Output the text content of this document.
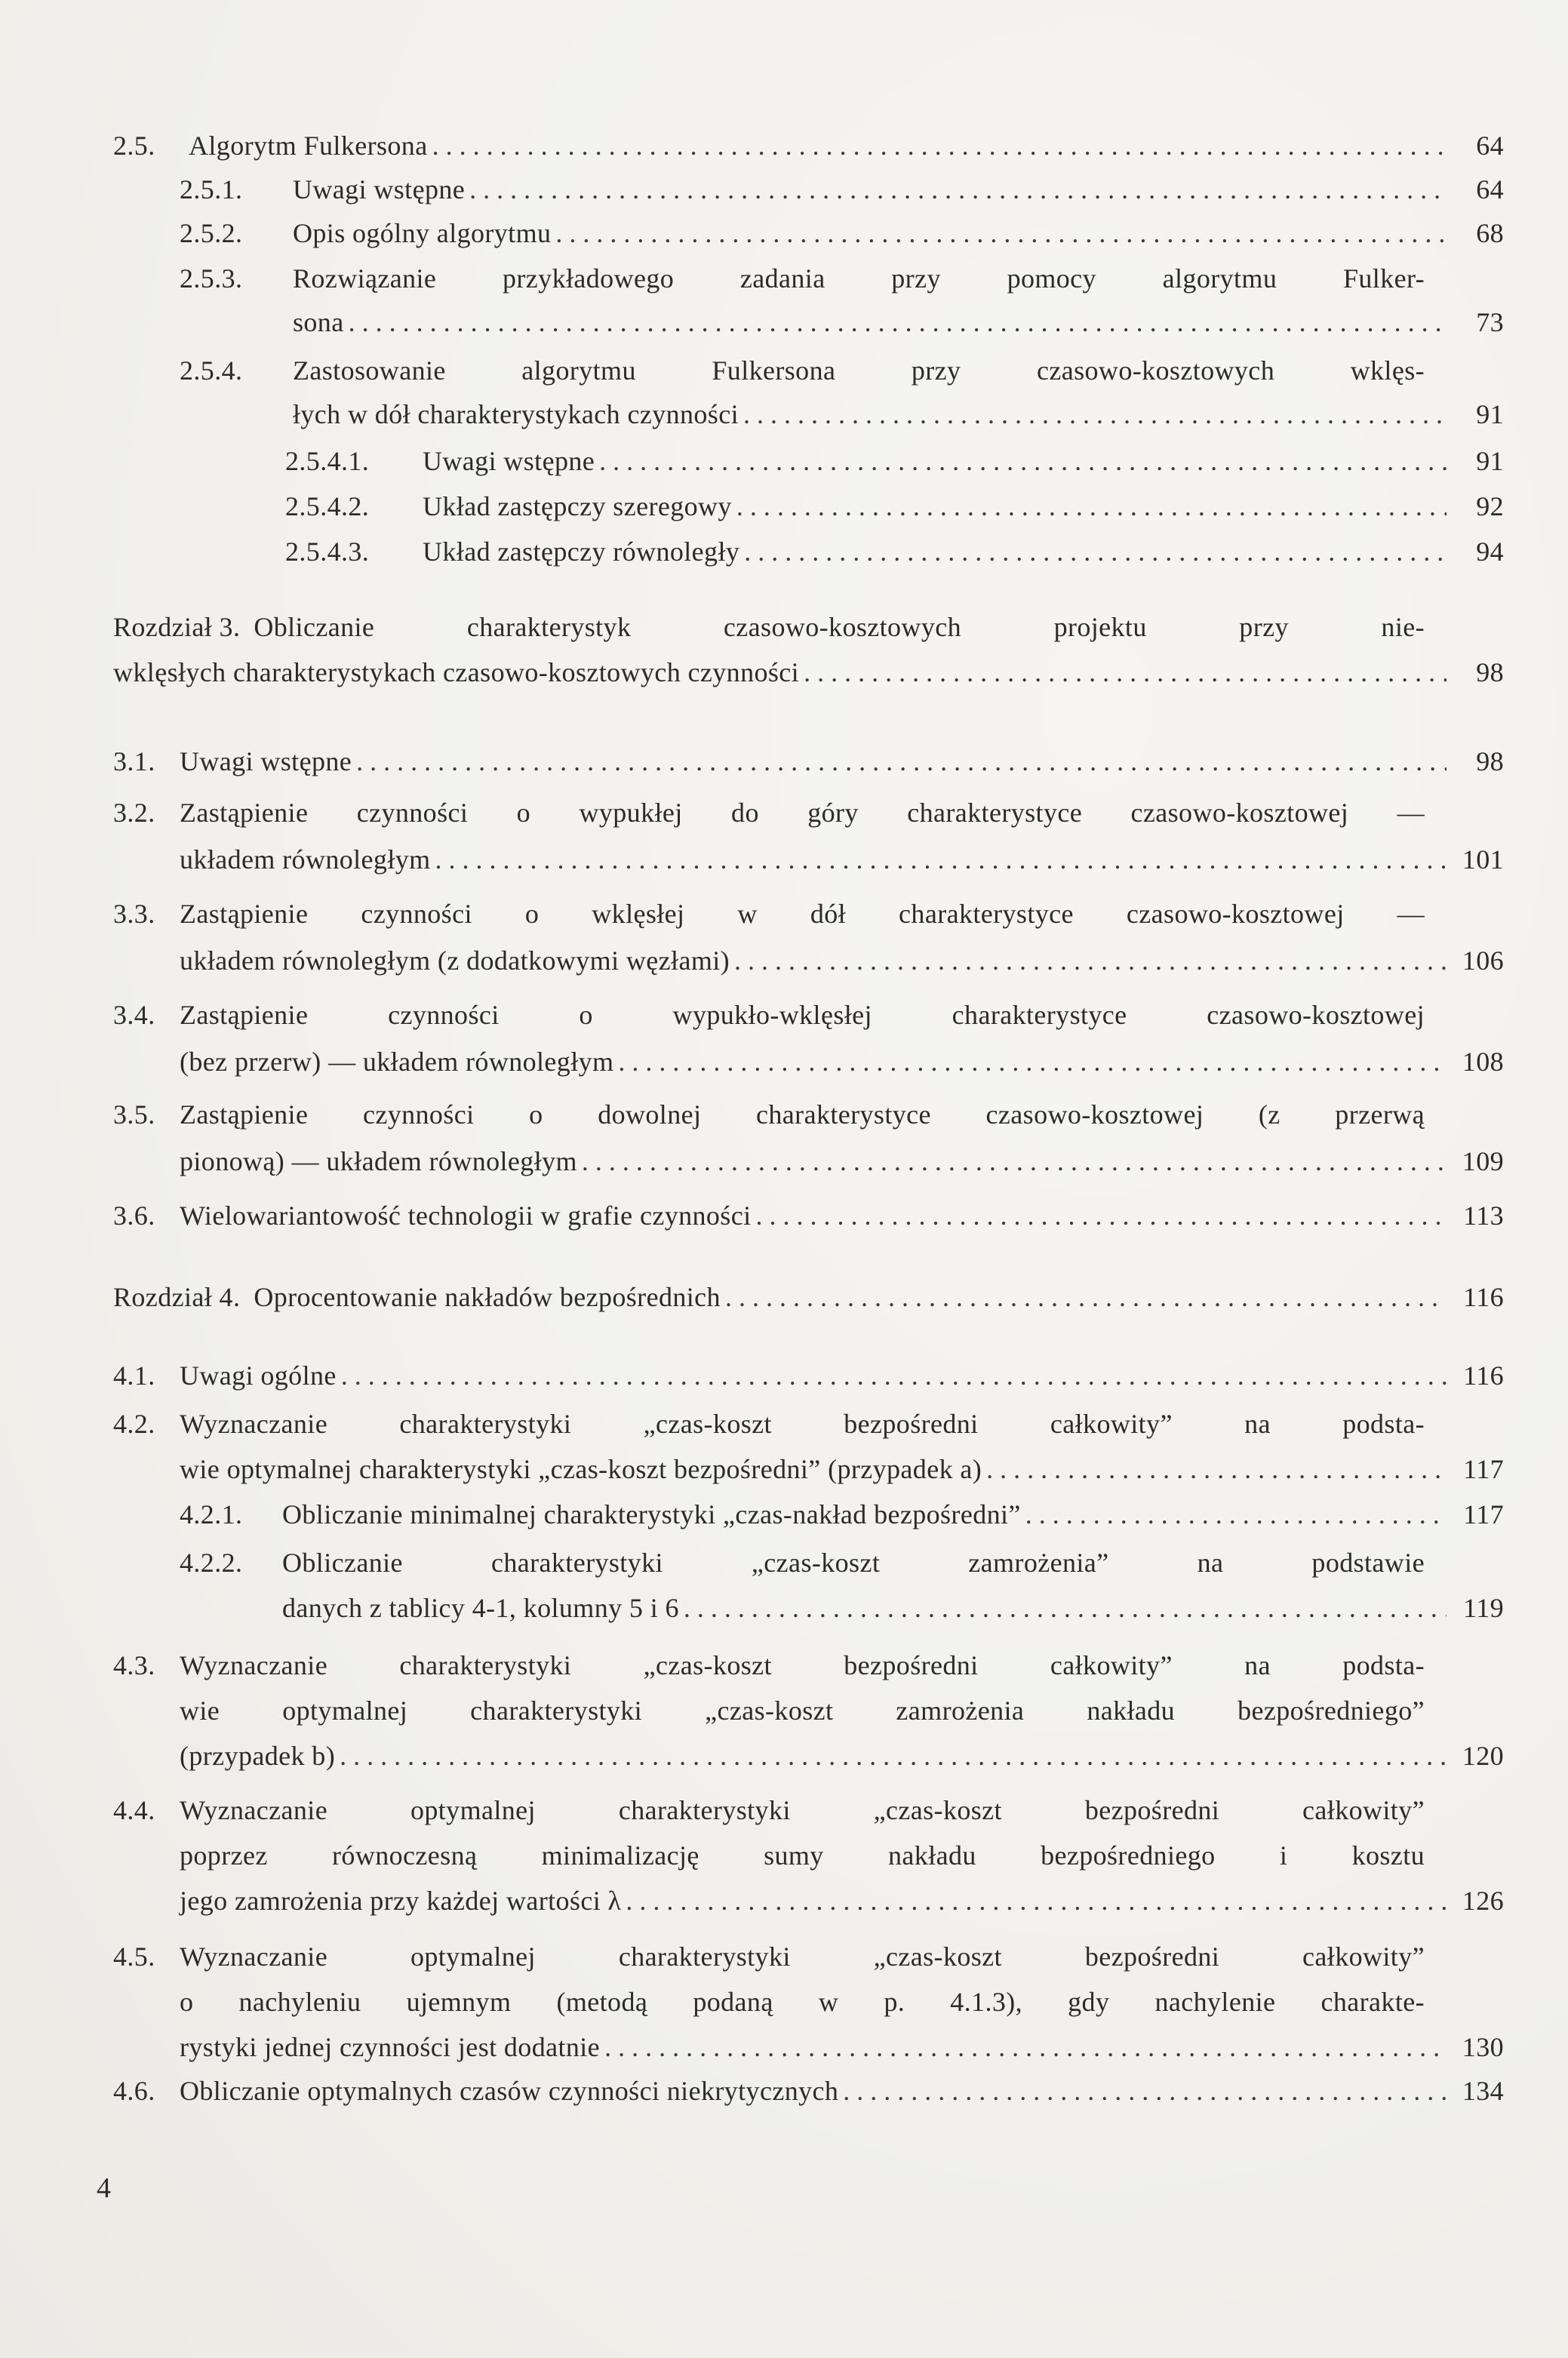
2.5.	Algorytm Fulkersona . . .	64
2.5.1.	Uwagi wstępne . . .	64
2.5.2.	Opis ogólny algorytmu . . .	68
2.5.3.	Rozwiązanie przykładowego zadania przy pomocy algorytmu Fulker-
sona . . .	73
2.5.4.	Zastosowanie algorytmu Fulkersona przy czasowo-kosztowych wklęs-
łych w dół charakterystykach czynności . . .	91
2.5.4.1.	Uwagi wstępne . . .	91
2.5.4.2.	Układ zastępczy szeregowy . . .	92
2.5.4.3.	Układ zastępczy równoległy . . .	94
Rozdział 3. Obliczanie charakterystyk czasowo-kosztowych projektu przy nie-
wklęsłych charakterystykach czasowo-kosztowych czynności . . .	98
3.1. Uwagi wstępne . . .	98
3.2. Zastąpienie czynności o wypukłej do góry charakterystyce czasowo-kosztowej —
układem równoległym . . .	101
3.3. Zastąpienie czynności o wklęsłej w dół charakterystyce czasowo-kosztowej —
układem równoległym (z dodatkowymi węzłami) . . .	106
3.4. Zastąpienie czynności o wypukło-wklęsłej charakterystyce czasowo-kosztowej
(bez przerw) — układem równoległym . . .	108
3.5. Zastąpienie czynności o dowolnej charakterystyce czasowo-kosztowej (z przerwą
pionową) — układem równoległym . . .	109
3.6. Wielowariantowość technologii w grafie czynności . . .	113
Rozdział 4. Oprocentowanie nakładów bezpośrednich . . .	116
4.1. Uwagi ogólne . . .	116
4.2. Wyznaczanie charakterystyki „czas-koszt bezpośredni całkowity” na podsta-
wie optymalnej charakterystyki „czas-koszt bezpośredni” (przypadek a) . . .	117
4.2.1.	Obliczanie minimalnej charakterystyki „czas-nakład bezpośredni” . . .	117
4.2.2.	Obliczanie charakterystyki „czas-koszt zamrożenia” na podstawie
danych z tablicy 4-1, kolumny 5 i 6 . . .	119
4.3. Wyznaczanie charakterystyki „czas-koszt bezpośredni całkowity” na podsta-
wie optymalnej charakterystyki „czas-koszt zamrożenia nakładu bezpośredniego”
(przypadek b) . . .	120
4.4. Wyznaczanie optymalnej charakterystyki „czas-koszt bezpośredni całkowity”
poprzez równoczesną minimalizację sumy nakładu bezpośredniego i kosztu
jego zamrożenia przy każdej wartości λ . . .	126
4.5. Wyznaczanie optymalnej charakterystyki „czas-koszt bezpośredni całkowity”
o nachyleniu ujemnym (metodą podaną w p. 4.1.3), gdy nachylenie charakte-
rystyki jednej czynności jest dodatnie . . .	130
4.6. Obliczanie optymalnych czasów czynności niekrytycznych . . .	134
4
